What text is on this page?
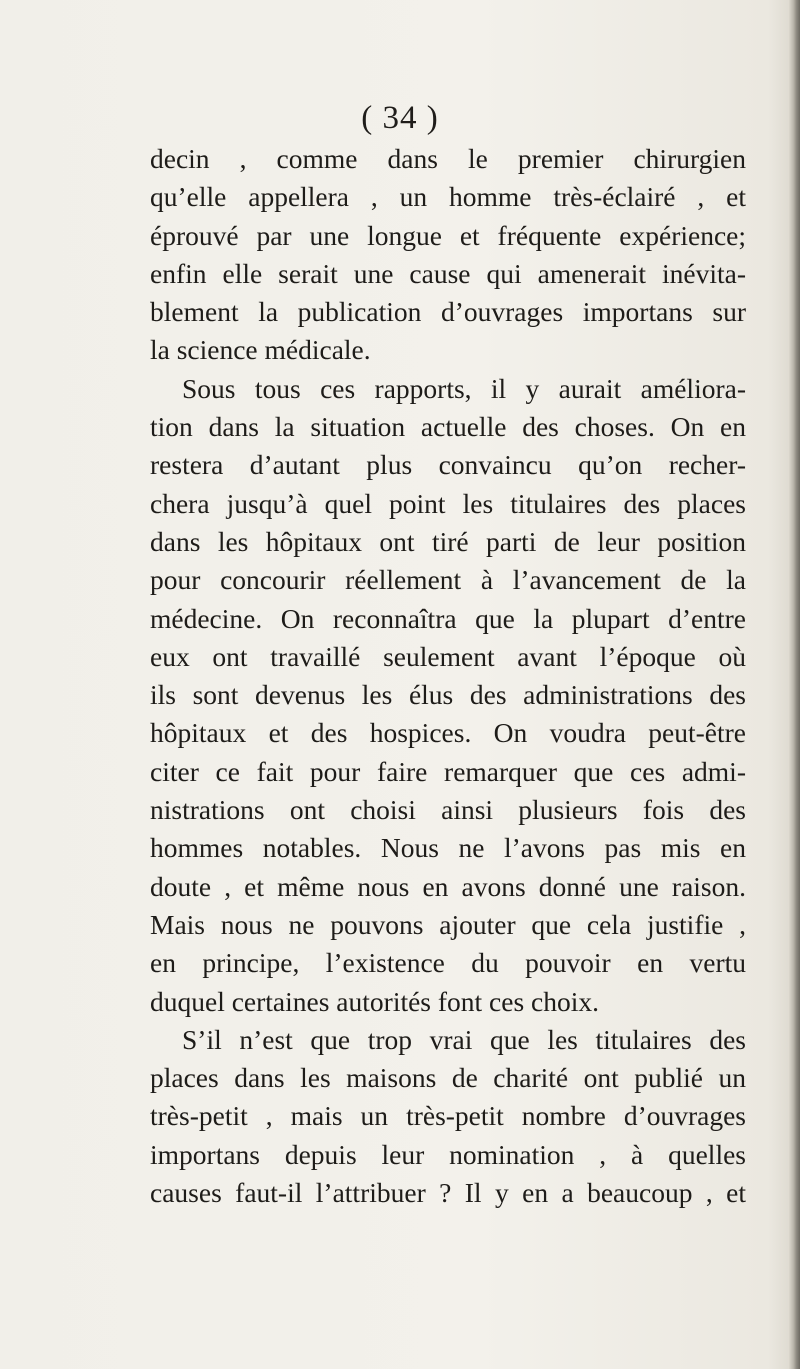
( 34 )
decin , comme dans le premier chirurgien
qu’elle appellera , un homme très-éclairé , et
éprouvé par une longue et fréquente expérience;
enfin elle serait une cause qui amenerait inévita-
blement la publication d’ouvrages importans sur
la science médicale.
Sous tous ces rapports, il y aurait améliora-
tion dans la situation actuelle des choses. On en
restera d’autant plus convaincu qu’on recher-
chera jusqu’à quel point les titulaires des places
dans les hôpitaux ont tiré parti de leur position
pour concourir réellement à l’avancement de la
médecine. On reconnaîtra que la plupart d’entre
eux ont travaillé seulement avant l’époque où
ils sont devenus les élus des administrations des
hôpitaux et des hospices. On voudra peut-être
citer ce fait pour faire remarquer que ces admi-
nistrations ont choisi ainsi plusieurs fois des
hommes notables. Nous ne l’avons pas mis en
doute , et même nous en avons donné une raison.
Mais nous ne pouvons ajouter que cela justifie ,
en principe, l’existence du pouvoir en vertu
duquel certaines autorités font ces choix.
S’il n’est que trop vrai que les titulaires des
places dans les maisons de charité ont publié un
très-petit , mais un très-petit nombre d’ouvrages
importans depuis leur nomination , à quelles
causes faut-il l’attribuer ? Il y en a beaucoup , et
